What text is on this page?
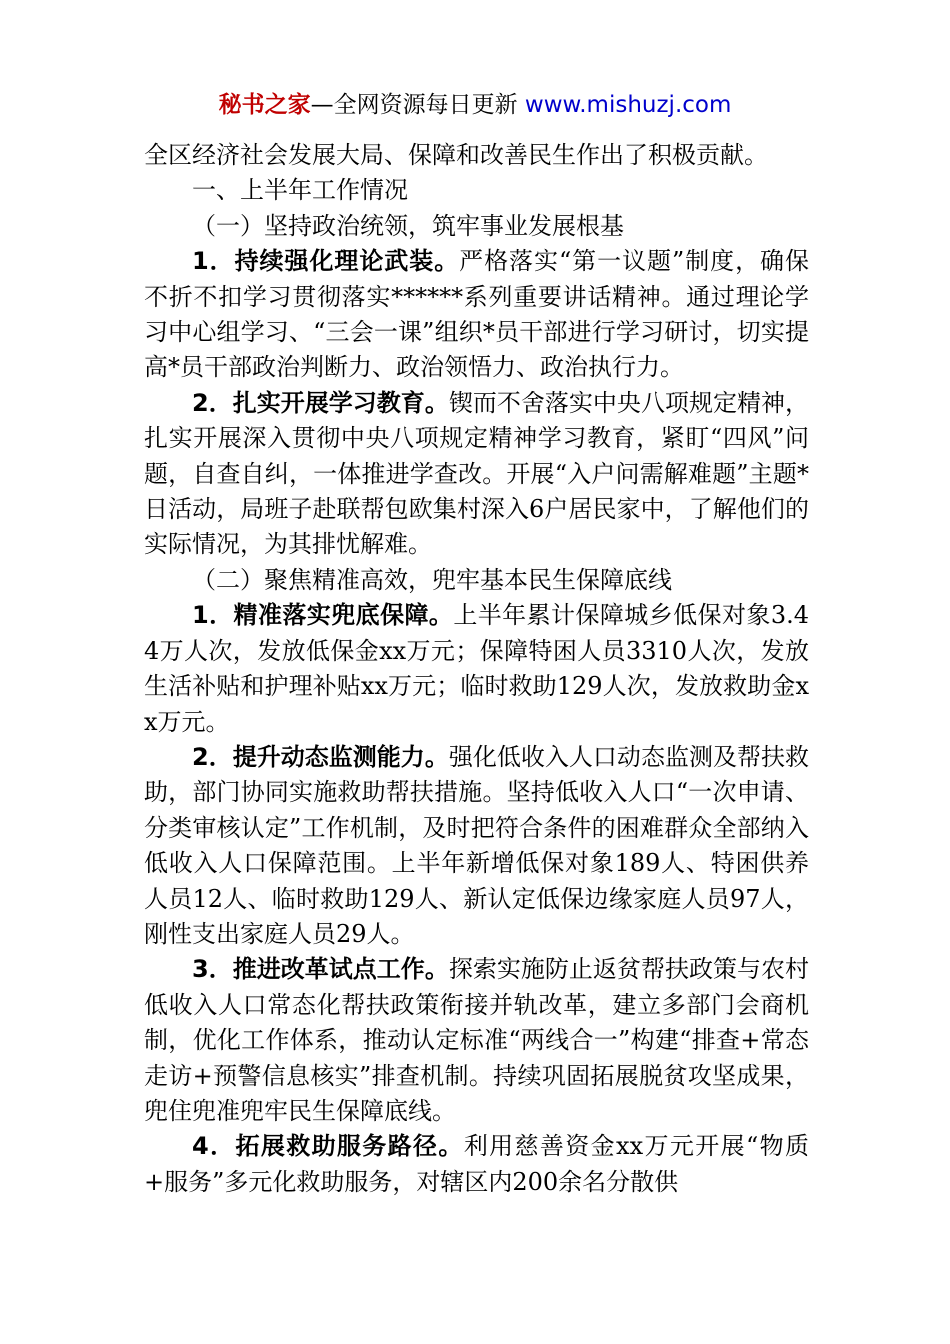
秘书之家—全网资源每日更新 www.mishuzj.com

全区经济社会发展大局、保障和改善民生作出了积极贡献。

一、上半年工作情况

（一）坚持政治统领，筑牢事业发展根基

1．持续强化理论武装。严格落实“第一议题”制度，确保不折不扣学习贯彻落实******系列重要讲话精神。通过理论学习中心组学习、“三会一课”组织*员干部进行学习研讨，切实提高*员干部政治判断力、政治领悟力、政治执行力。

2．扎实开展学习教育。锲而不舍落实中央八项规定精神，扎实开展深入贯彻中央八项规定精神学习教育，紧盯“四风”问题，自查自纠，一体推进学查改。开展“入户问需解难题”主题*日活动，局班子赴联帮包欧集村深入6户居民家中，了解他们的实际情况，为其排忧解难。

（二）聚焦精准高效，兜牢基本民生保障底线

1．精准落实兜底保障。上半年累计保障城乡低保对象3.44万人次，发放低保金xx万元；保障特困人员3310人次，发放生活补贴和护理补贴xx万元；临时救助129人次，发放救助金xx万元。

2．提升动态监测能力。强化低收入人口动态监测及帮扶救助，部门协同实施救助帮扶措施。坚持低收入人口“一次申请、分类审核认定”工作机制，及时把符合条件的困难群众全部纳入低收入人口保障范围。上半年新增低保对象189人、特困供养人员12人、临时救助129人、新认定低保边缘家庭人员97人，刚性支出家庭人员29人。

3．推进改革试点工作。探索实施防止返贫帮扶政策与农村低收入人口常态化帮扶政策衔接并轨改革，建立多部门会商机制，优化工作体系，推动认定标准“两线合一”构建“排查+常态走访+预警信息核实”排查机制。持续巩固拓展脱贫攻坚成果，兜住兜准兜牢民生保障底线。

4．拓展救助服务路径。利用慈善资金xx万元开展“物质+服务”多元化救助服务，对辖区内200余名分散供
